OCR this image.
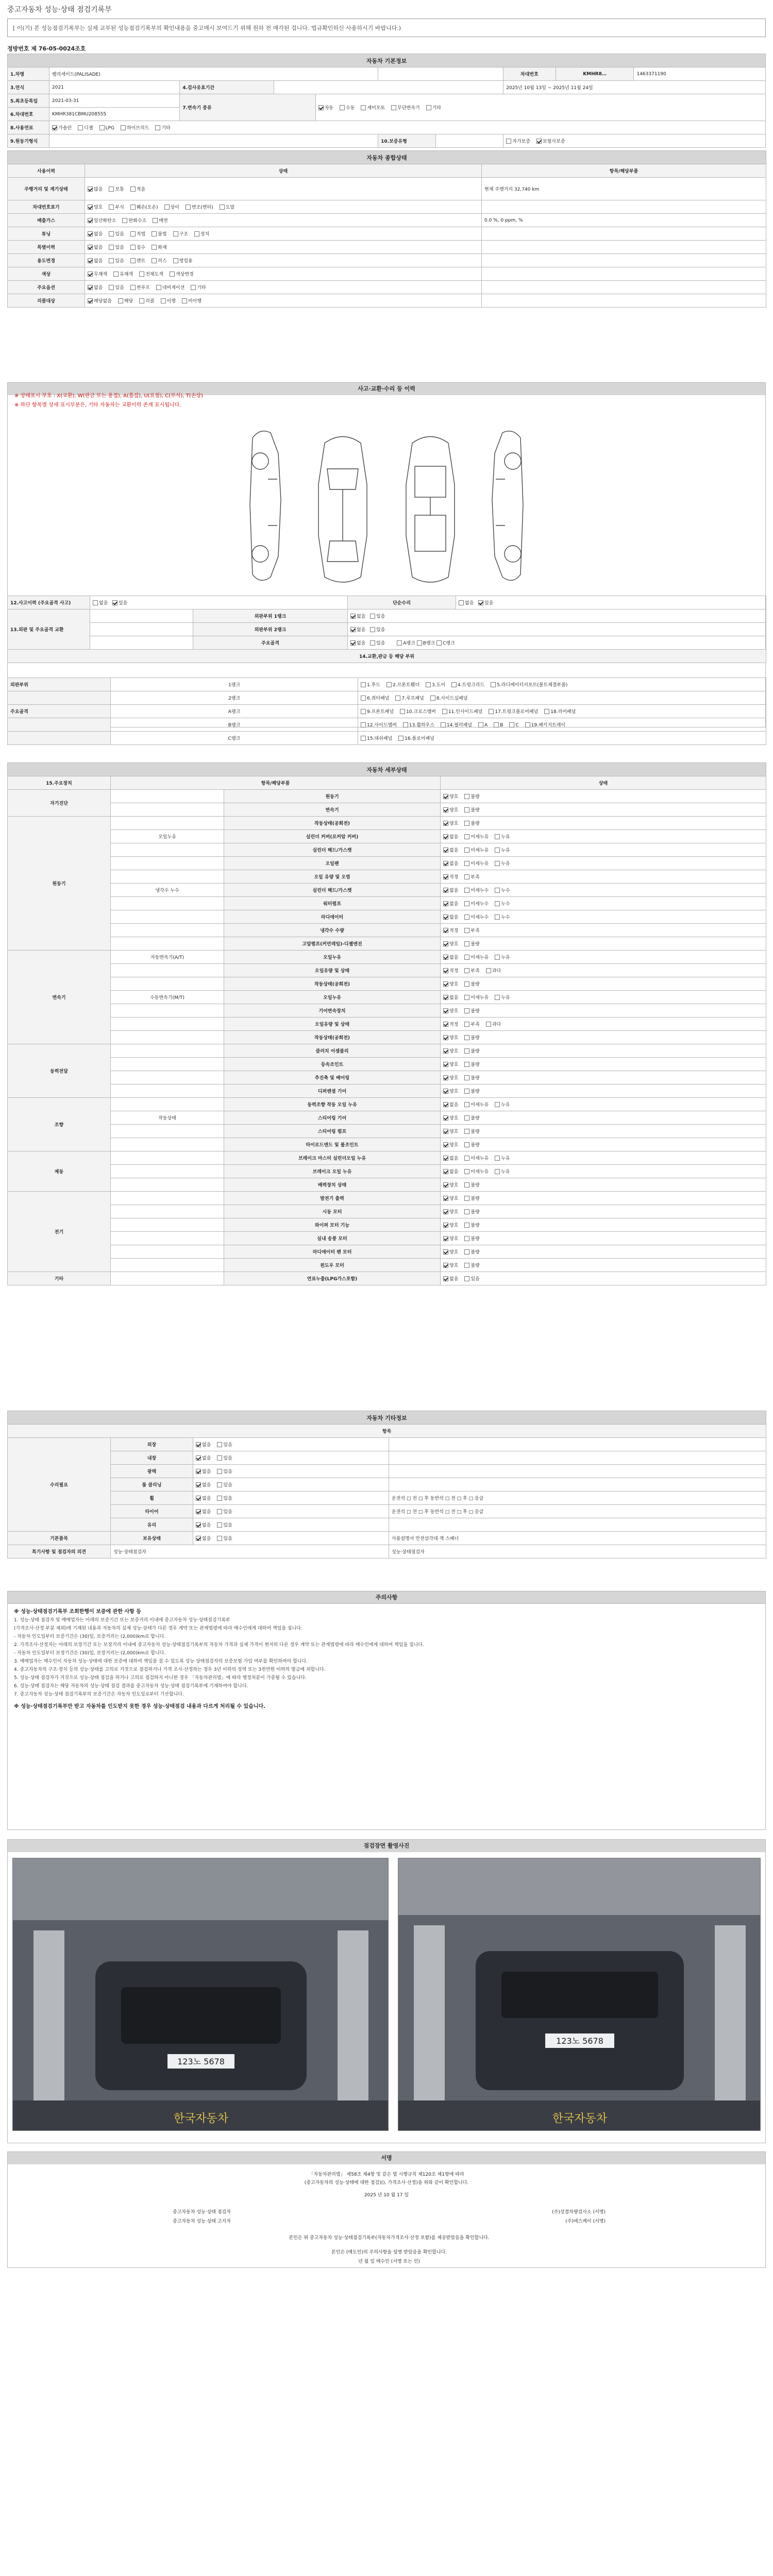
중고자동차 성능·상태 점검기록부
[ 이(기) 본 성능점검기록부는 실제 교부된 성능점검기록부의 확인내용을 중고매시 보여드기 위해 원하 전 매각된 겁니다. 법규확인하신 사용하시기 바랍니다.)
정방번호 제 76-05-0024조호
자동차 기본정보									
1.차명	펠리세이드(PALISADE)						차대번호	KMHR8…	1463371190
3.연식	2021	4.검사유효기간					2025년 10월 13일 ~ 2025년 11월 24일		
5.최초등록일	2021-03-31	7.변속기 종류		자동 수동 세미오토 무단변속기 기타					
6.차대번호	KMHR381CBMU208555								
8.사용연료	가솔린 디젤 LPG 하이브리드 기타								
9.원동기형식					10.보증유형		자가보증 보험사보증		
자동차 종합상태		
사용이력	상태	항목/해당부품
주행거리 및 계기상태	많음 보통 적음	현재 주행거리 32,740 km
차대번호표기	양호 부식 훼손(오손) 상이 변조(변타) 도말	
배출가스	일산화탄소 탄화수소 매연	0.0 %, 0 ppm, %
튜닝	없음 있음 적법 불법 구조 장치	
특별이력	없음 있음 침수 화재	
용도변경	없음 있음 렌트 리스 영업용	
색상	무채색 유채색 전체도색 색상변경	
주요옵션	없음 있음 썬루프 네비게이션 기타	
리콜대상	해당없음 해당 리콜 이행 미이행	
사고·교환·수리 등 이력
※ 상태표시 부호 : X(교환), W(판금 또는 용접), A(흠집), U(요철), C(부식), T(손상)
※ 하단 항목별 상세 표시부분은, 기타 자동차는 교환이력 존재 표시됩니다.
12.사고이력 (주요골격 사고)	없음   있음		단순수리	없음   있음
13.외판 및 주요골격 교환		외판부위 1랭크	없음   있음	
		외판부위 2랭크	없음   있음	
		주요골격	없음   있음        A랭크 B랭크 C랭크	
14.교환,판금 등 해당 부위				
외판부위	1랭크	1.후드 2.프론트휀더 3.도어 4.트렁크리드 5.라디에이터서포트(볼트체결부품)
	2랭크	6.쿼터패널 7.루프패널 8.사이드실패널
주요골격	A랭크	9.프론트패널 10.크로스멤버 11.인사이드패널 17.트렁크플로어패널 18.리어패널
	B랭크	12.사이드멤버 13.휠하우스 14.필러패널 A B C 19.패키지트레이
	C랭크	15.대쉬패널 16.플로어패널
자동차 세부상태			
15.주요장치	항목/해당부품		상태
자기진단		원동기	양호 불량
		변속기	양호 불량
원동기		작동상태(공회전)	양호 불량
	오일누유	실린더 커버(로커암 커버)	없음 미세누유 누유
		실린더 헤드/가스켓	없음 미세누유 누유
		오일팬	없음 미세누유 누유
		오일 유량 및 오염	적정 부족
	냉각수 누수	실린더 헤드/가스켓	없음 미세누수 누수
		워터펌프	없음 미세누수 누수
		라디에이터	없음 미세누수 누수
		냉각수 수량	적정 부족
		고압펌프(커먼레일)-디젤엔진	양호 불량
변속기	자동변속기(A/T)	오일누유	없음 미세누유 누유
		오일유량 및 상태	적정 부족 과다
		작동상태(공회전)	양호 불량
	수동변속기(M/T)	오일누유	없음 미세누유 누유
		기어변속장치	양호 불량
		오일유량 및 상태	적정 부족 과다
		작동상태(공회전)	양호 불량
동력전달		클러치 어셈블리	양호 불량
		등속조인트	양호 불량
		추진축 및 베어링	양호 불량
		디퍼렌셜 기어	양호 불량
조향		동력조향 작동 오일 누유	없음 미세누유 누유
	작동상태	스티어링 기어	양호 불량
		스티어링 펌프	양호 불량
		타이로드엔드 및 볼조인트	양호 불량
제동		브레이크 마스터 실린더오일 누유	없음 미세누유 누유
		브레이크 오일 누유	없음 미세누유 누유
		배력장치 상태	양호 불량
전기		발전기 출력	양호 불량
		시동 모터	양호 불량
		와이퍼 모터 기능	양호 불량
		실내 송풍 모터	양호 불량
		라디에이터 팬 모터	양호 불량
		윈도우 모터	양호 불량
기타		연료누출(LPG가스포함)	없음 있음
자동차 기타정보			
항목			
수리필요	외장	없음 있음	
	내장	없음 있음	
	광택	없음 있음	
	룸 클리닝	없음 있음	
	휠	없음 있음	운전석 □ 전 □ 후 동반석 □ 전 □ 후 □ 응급
	타이어	없음 있음	운전석 □ 전 □ 후 동반석 □ 전 □ 후 □ 응급
	유리	없음 있음	
기본품목	보유상태	없음 있음	사용설명서 안전삼각대 잭 스패너
특기사항 및 점검자의 의견	성능·상태점검자		성능·상태점검자
주의사항
※ 성능·상태점검기록부 조회한행이 보증에 관한 사항 등
1. 성능·상태 점검자 및 매매업자는 아래의 보증기간 또는 보증거리 이내에 중고자동차 성능·상태점검기록부
(가격조사·산정 부분 제외)에 기재된 내용과 자동차의 실제 성능·상태가 다른 경우 계약 또는 관계법령에 따라 매수인에게 대하여 책임을 집니다.
- 자동차 인도일부터 보증기간은 (30)일, 보증거리는 (2,000)km로 합니다.
2. 가격조사·산정자는 아래의 보장기간 또는 보장거리 이내에 중고자동차 성능·상태점검기록부의 자동차 가격과 실제 가격이 현저히 다른 경우 계약 또는 관계법령에 따라 매수인에게 대하여 책임을 집니다.
- 자동차 인도일부터 보장기간은 (30)일, 보장거리는 (2,000)km로 합니다.
3. 매매업자는 매수인이 자동차 성능·상태에 대한 보증에 대하여 책임을 질 수 있도록 성능·상태점검자의 보증보험 가입 여부를 확인하여야 합니다.
4. 중고자동차의 구조·장치 등의 성능·상태를 고의로 거짓으로 점검하거나 가격 조사·산정하는 경우 3년 이하의 징역 또는 3천만원 이하의 벌금에 처합니다.
5. 성능·상태 점검자가 거짓으로 성능·상태 점검을 하거나 고의로 점검하지 아니한 경우 「자동차관리법」에 따라 행정처분이 가중될 수 있습니다.
6. 성능·상태 점검자는 해당 자동차의 성능·상태 점검 결과를 중고자동차 성능·상태 점검기록부에 기재하여야 합니다.
7. 중고자동차 성능·상태 점검기록부의 보증기간은 자동차 인도일로부터 기산합니다.
※ 성능·상태점검기록부만 받고 자동차를 인도받지 못한 경우 성능·상태점검 내용과 다르게 처리될 수 있습니다.
점검장면 촬영사진
123노 5678
한국자동차
123노 5678
한국자동차
서명
「자동차관리법」 제58조 제4항 및 같은 법 시행규칙 제120조 제1항에 따라
(중고자동차의 성능·상태에 대한 점검)(), 가격조사·산정)을 위와 같이 확인합니다.
2025 년 10 월 17 일
중고자동차 성능·상태 점검자	(주)성결차량검사소 (서명)
중고자동차 성능·상태 고지자	(주)에스케이 (서명)
본인은 위 중고자동차 성능·상태점검기록부(자동차가격조사·산정 포함)를 제공받았음을 확인합니다.
본인은 (매도인)의 주의사항을 설명 받았음을 확인합니다.
년 월 일 매수인 (서명 또는 인)
